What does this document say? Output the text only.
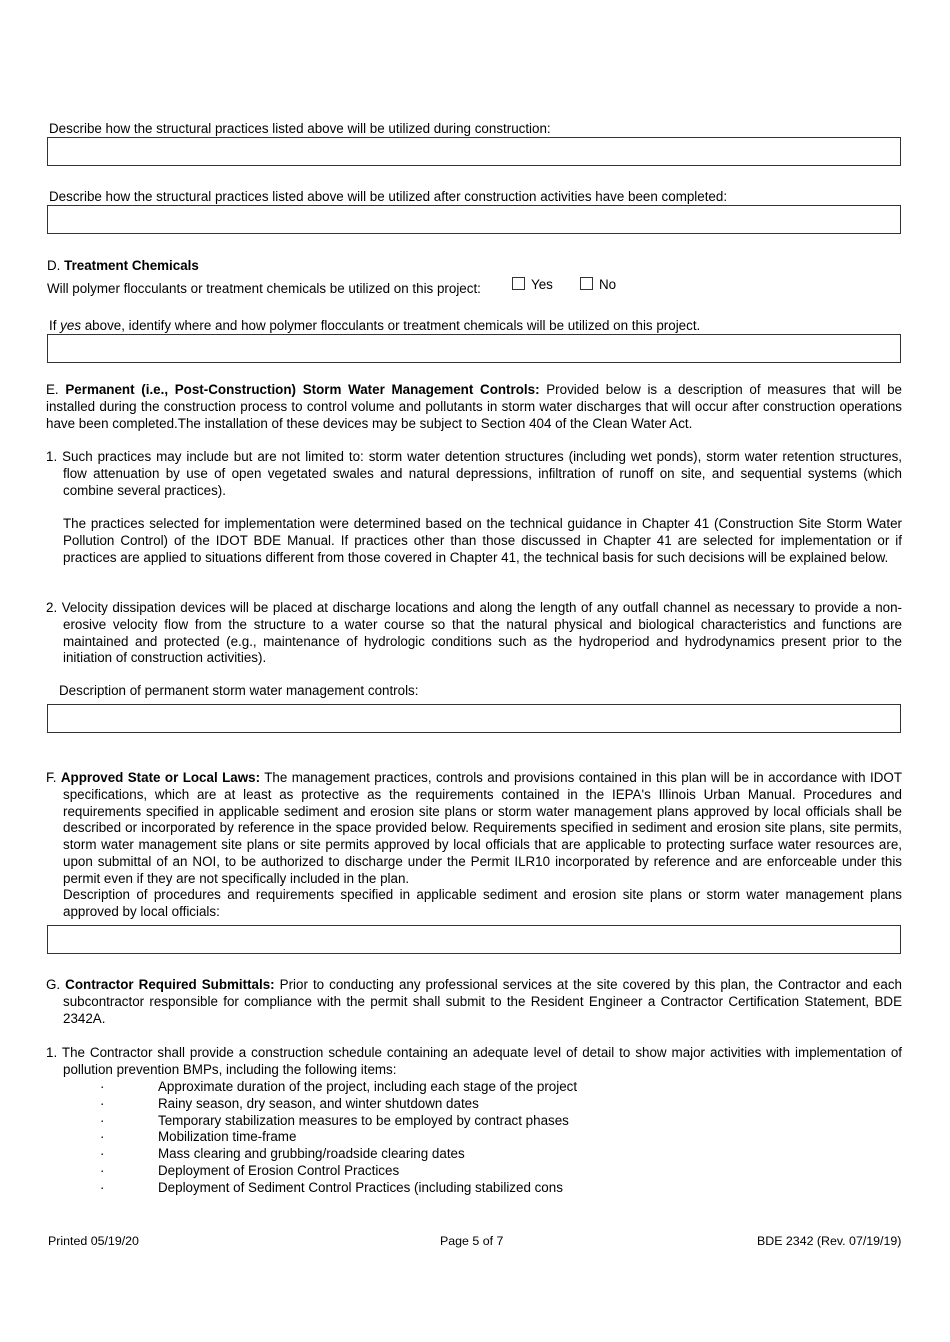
Describe how the structural practices listed above will be utilized during construction:
Describe how the structural practices listed above will be utilized after construction activities have been completed:
D. Treatment Chemicals
Will polymer flocculants or treatment chemicals be utilized on this project:	Yes	No
If yes above, identify where and how polymer flocculants or treatment chemicals will be utilized on this project.
E. Permanent (i.e., Post-Construction) Storm Water Management Controls: Provided below is a description of measures that will be installed during the construction process to control volume and pollutants in storm water discharges that will occur after construction operations have been completed.The installation of these devices may be subject to Section 404 of the Clean Water Act.
1. Such practices may include but are not limited to: storm water detention structures (including wet ponds), storm water retention structures, flow attenuation by use of open vegetated swales and natural depressions, infiltration of runoff on site, and sequential systems (which combine several practices).
The practices selected for implementation were determined based on the technical guidance in Chapter 41 (Construction Site Storm Water Pollution Control) of the IDOT BDE Manual. If practices other than those discussed in Chapter 41 are selected for implementation or if practices are applied to situations different from those covered in Chapter 41, the technical basis for such decisions will be explained below.
2. Velocity dissipation devices will be placed at discharge locations and along the length of any outfall channel as necessary to provide a non-erosive velocity flow from the structure to a water course so that the natural physical and biological characteristics and functions are maintained and protected (e.g., maintenance of hydrologic conditions such as the hydroperiod and hydrodynamics present prior to the initiation of construction activities).
Description of permanent storm water management controls:
F. Approved State or Local Laws: The management practices, controls and provisions contained in this plan will be in accordance with IDOT specifications, which are at least as protective as the requirements contained in the IEPA's Illinois Urban Manual. Procedures and requirements specified in applicable sediment and erosion site plans or storm water management plans approved by local officials shall be described or incorporated by reference in the space provided below. Requirements specified in sediment and erosion site plans, site permits, storm water management site plans or site permits approved by local officials that are applicable to protecting surface water resources are, upon submittal of an NOI, to be authorized to discharge under the Permit ILR10 incorporated by reference and are enforceable under this permit even if they are not specifically included in the plan.
Description of procedures and requirements specified in applicable sediment and erosion site plans or storm water management plans approved by local officials:
G. Contractor Required Submittals: Prior to conducting any professional services at the site covered by this plan, the Contractor and each subcontractor responsible for compliance with the permit shall submit to the Resident Engineer a Contractor Certification Statement, BDE 2342A.
1. The Contractor shall provide a construction schedule containing an adequate level of detail to show major activities with implementation of pollution prevention BMPs, including the following items:
·	Approximate duration of the project, including each stage of the project
·	Rainy season, dry season, and winter shutdown dates
·	Temporary stabilization measures to be employed by contract phases
·	Mobilization time-frame
·	Mass clearing and grubbing/roadside clearing dates
·	Deployment of Erosion Control Practices
·	Deployment of Sediment Control Practices (including stabilized cons
Printed 05/19/20	Page 5 of 7	BDE 2342 (Rev. 07/19/19)
